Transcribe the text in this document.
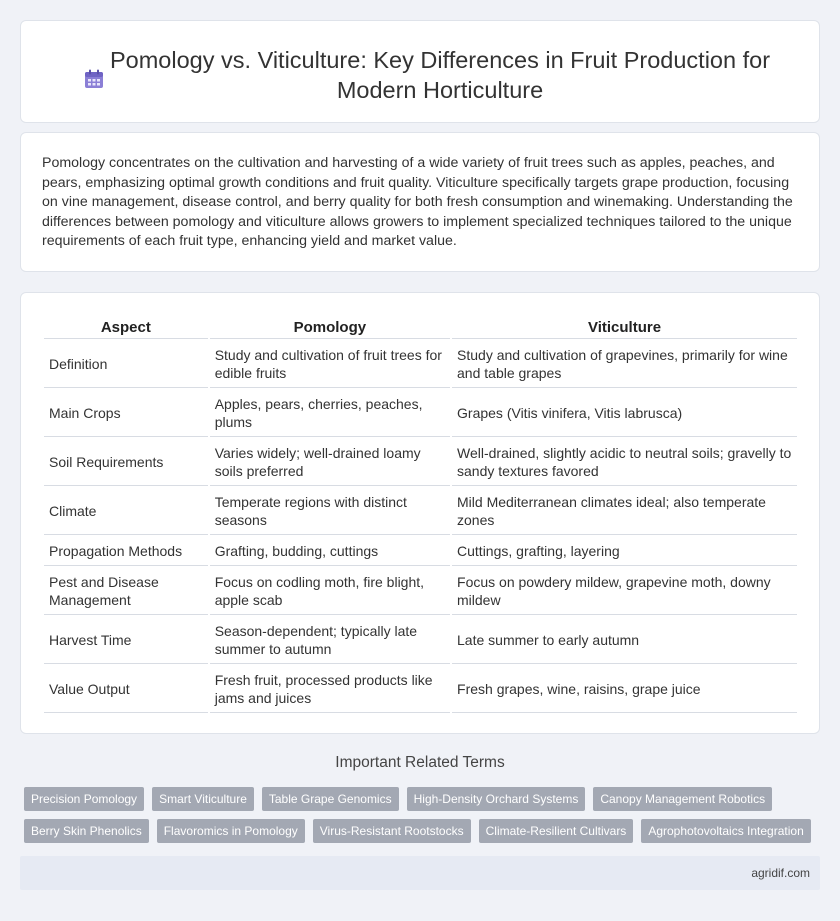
Pomology vs. Viticulture: Key Differences in Fruit Production for Modern Horticulture

Pomology concentrates on the cultivation and harvesting of a wide variety of fruit trees such as apples, peaches, and pears, emphasizing optimal growth conditions and fruit quality. Viticulture specifically targets grape production, focusing on vine management, disease control, and berry quality for both fresh consumption and winemaking. Understanding the differences between pomology and viticulture allows growers to implement specialized techniques tailored to the unique requirements of each fruit type, enhancing yield and market value.

Aspect	Pomology	Viticulture
Definition	Study and cultivation of fruit trees for edible fruits	Study and cultivation of grapevines, primarily for wine and table grapes
Main Crops	Apples, pears, cherries, peaches, plums	Grapes (Vitis vinifera, Vitis labrusca)
Soil Requirements	Varies widely; well-drained loamy soils preferred	Well-drained, slightly acidic to neutral soils; gravelly to sandy textures favored
Climate	Temperate regions with distinct seasons	Mild Mediterranean climates ideal; also temperate zones
Propagation Methods	Grafting, budding, cuttings	Cuttings, grafting, layering
Pest and Disease Management	Focus on codling moth, fire blight, apple scab	Focus on powdery mildew, grapevine moth, downy mildew
Harvest Time	Season-dependent; typically late summer to autumn	Late summer to early autumn
Value Output	Fresh fruit, processed products like jams and juices	Fresh grapes, wine, raisins, grape juice
Important Related Terms
Precision Pomology	Smart Viticulture	Table Grape Genomics	High-Density Orchard Systems	Canopy Management Robotics
Berry Skin Phenolics	Flavoromics in Pomology	Virus-Resistant Rootstocks	Climate-Resilient Cultivars	Agrophotovoltaics Integration
agridif.com
